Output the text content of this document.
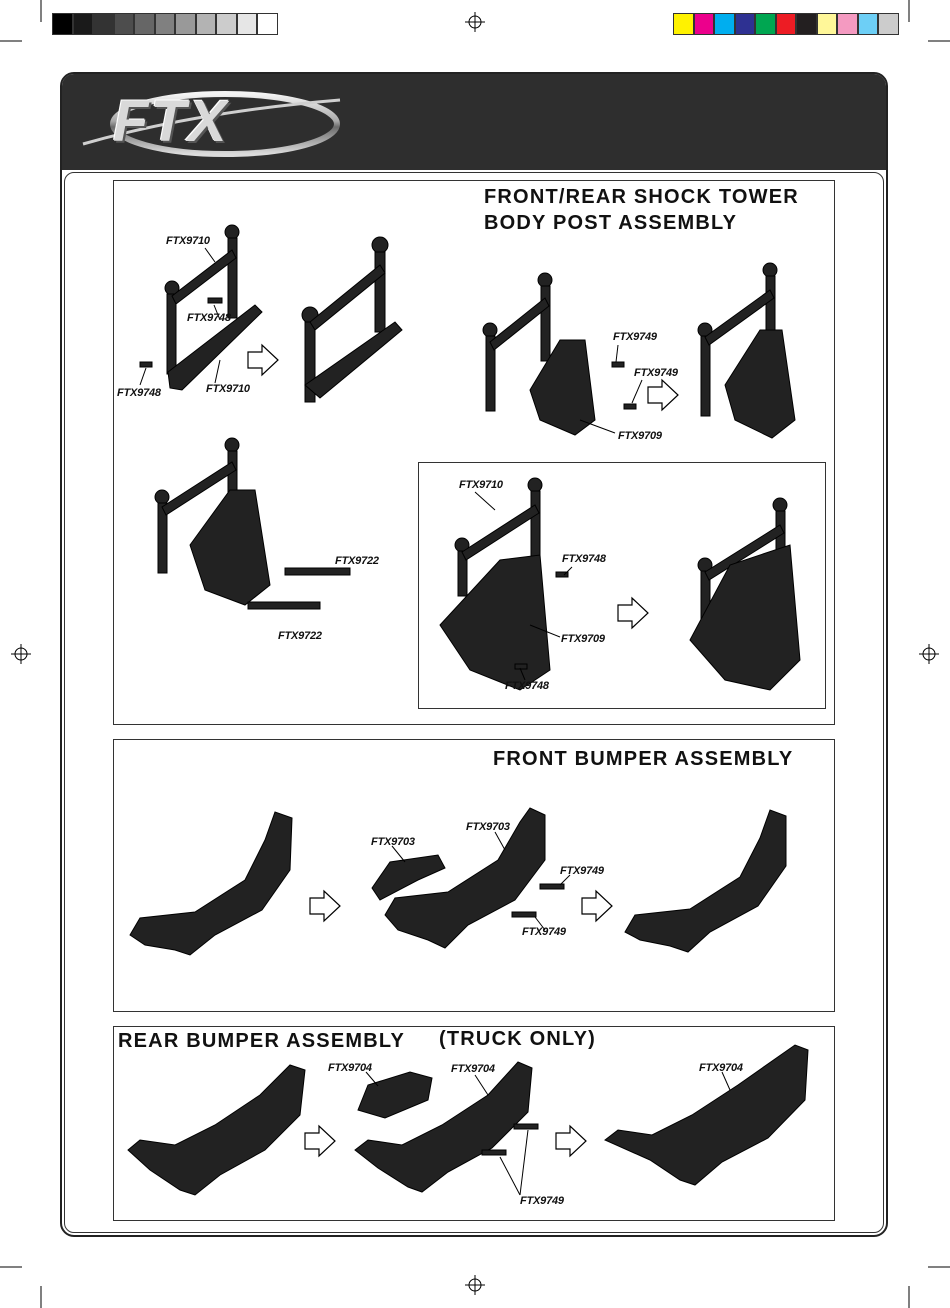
FTX
FRONT/REAR SHOCK TOWER
BODY POST ASSEMBLY
FTX9710
FTX9748
FTX9748	FTX9710
FTX9749
FTX9749
FTX9709
FTX9722
FTX9722
FTX9710
FTX9748
FTX9709
FTX9748
FRONT BUMPER ASSEMBLY
FTX9703
FTX9703
FTX9749
FTX9749
REAR BUMPER ASSEMBLY (TRUCK ONLY)
FTX9704	FTX9704
FTX9749
FTX9704
